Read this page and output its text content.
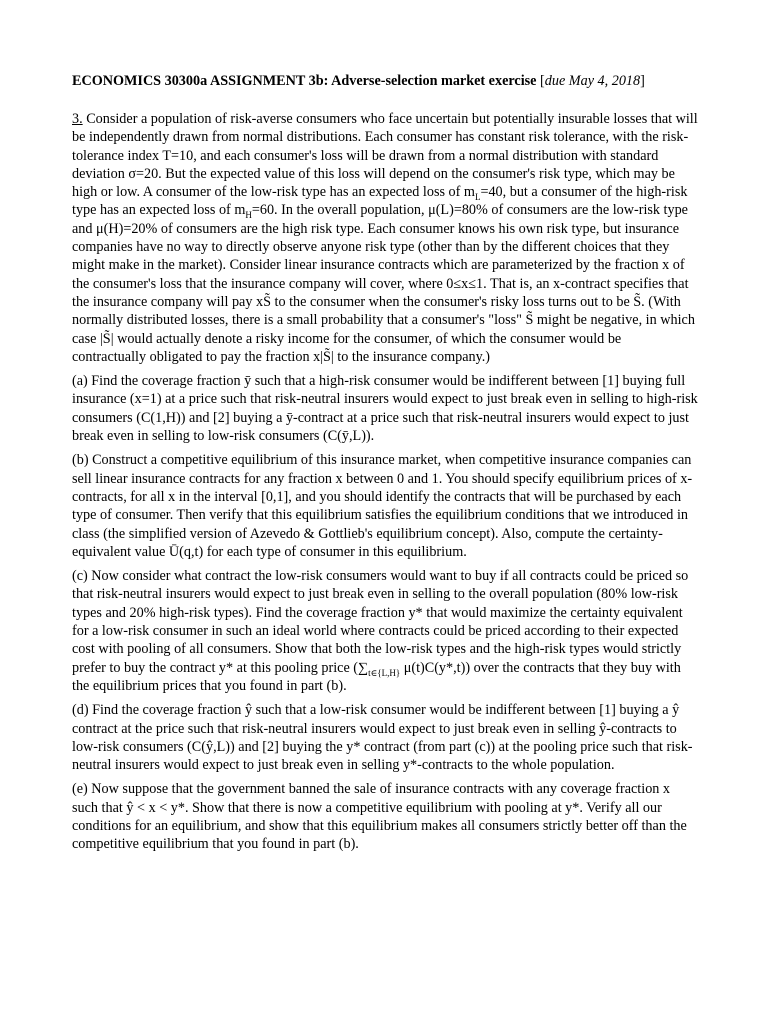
ECONOMICS 30300a ASSIGNMENT 3b: Adverse-selection market exercise [due May 4, 2018]

3. Consider a population of risk-averse consumers who face uncertain but potentially insurable losses that will be independently drawn from normal distributions. Each consumer has constant risk tolerance, with the risk-tolerance index T=10, and each consumer's loss will be drawn from a normal distribution with standard deviation σ=20. But the expected value of this loss will depend on the consumer's risk type, which may be high or low. A consumer of the low-risk type has an expected loss of $m_L=40$, but a consumer of the high-risk type has an expected loss of $m_H=60$. In the overall population, μ(L)=80% of consumers are the low-risk type and μ(H)=20% of consumers are the high risk type. Each consumer knows his own risk type, but insurance companies have no way to directly observe anyone risk type (other than by the different choices that they might make in the market). Consider linear insurance contracts which are parameterized by the fraction x of the consumer's loss that the insurance company will cover, where 0≤x≤1. That is, an x-contract specifies that the insurance company will pay xS̃ to the consumer when the consumer's risky loss turns out to be S̃. (With normally distributed losses, there is a small probability that a consumer's "loss" S̃ might be negative, in which case |S̃| would actually denote a risky income for the consumer, of which the consumer would be contractually obligated to pay the fraction x|S̃| to the insurance company.)

(a) Find the coverage fraction ȳ such that a high-risk consumer would be indifferent between [1] buying full insurance (x=1) at a price such that risk-neutral insurers would expect to just break even in selling to high-risk consumers (C(1,H)) and [2] buying a ȳ-contract at a price such that risk-neutral insurers would expect to just break even in selling to low-risk consumers (C(ȳ,L)).

(b) Construct a competitive equilibrium of this insurance market, when competitive insurance companies can sell linear insurance contracts for any fraction x between 0 and 1. You should specify equilibrium prices of x-contracts, for all x in the interval [0,1], and you should identify the contracts that will be purchased by each type of consumer. Then verify that this equilibrium satisfies the equilibrium conditions that we introduced in class (the simplified version of Azevedo & Gottlieb's equilibrium concept). Also, compute the certainty-equivalent value Ū(q,t) for each type of consumer in this equilibrium.

(c) Now consider what contract the low-risk consumers would want to buy if all contracts could be priced so that risk-neutral insurers would expect to just break even in selling to the overall population (80% low-risk types and 20% high-risk types). Find the coverage fraction y* that would maximize the certainty equivalent for a low-risk consumer in such an ideal world where contracts could be priced according to their expected cost with pooling of all consumers. Show that both the low-risk types and the high-risk types would strictly prefer to buy the contract y* at this pooling price ($\sum_{t\in\{L,H\}}$ μ(t)C(y*,t)) over the contracts that they buy with the equilibrium prices that you found in part (b).

(d) Find the coverage fraction ŷ such that a low-risk consumer would be indifferent between [1] buying a ŷ contract at the price such that risk-neutral insurers would expect to just break even in selling ŷ-contracts to low-risk consumers (C(ŷ,L)) and [2] buying the y* contract (from part (c)) at the pooling price such that risk-neutral insurers would expect to just break even in selling y*-contracts to the whole population.

(e) Now suppose that the government banned the sale of insurance contracts with any coverage fraction x such that ŷ < x < y*. Show that there is now a competitive equilibrium with pooling at y*. Verify all our conditions for an equilibrium, and show that this equilibrium makes all consumers strictly better off than the competitive equilibrium that you found in part (b).
